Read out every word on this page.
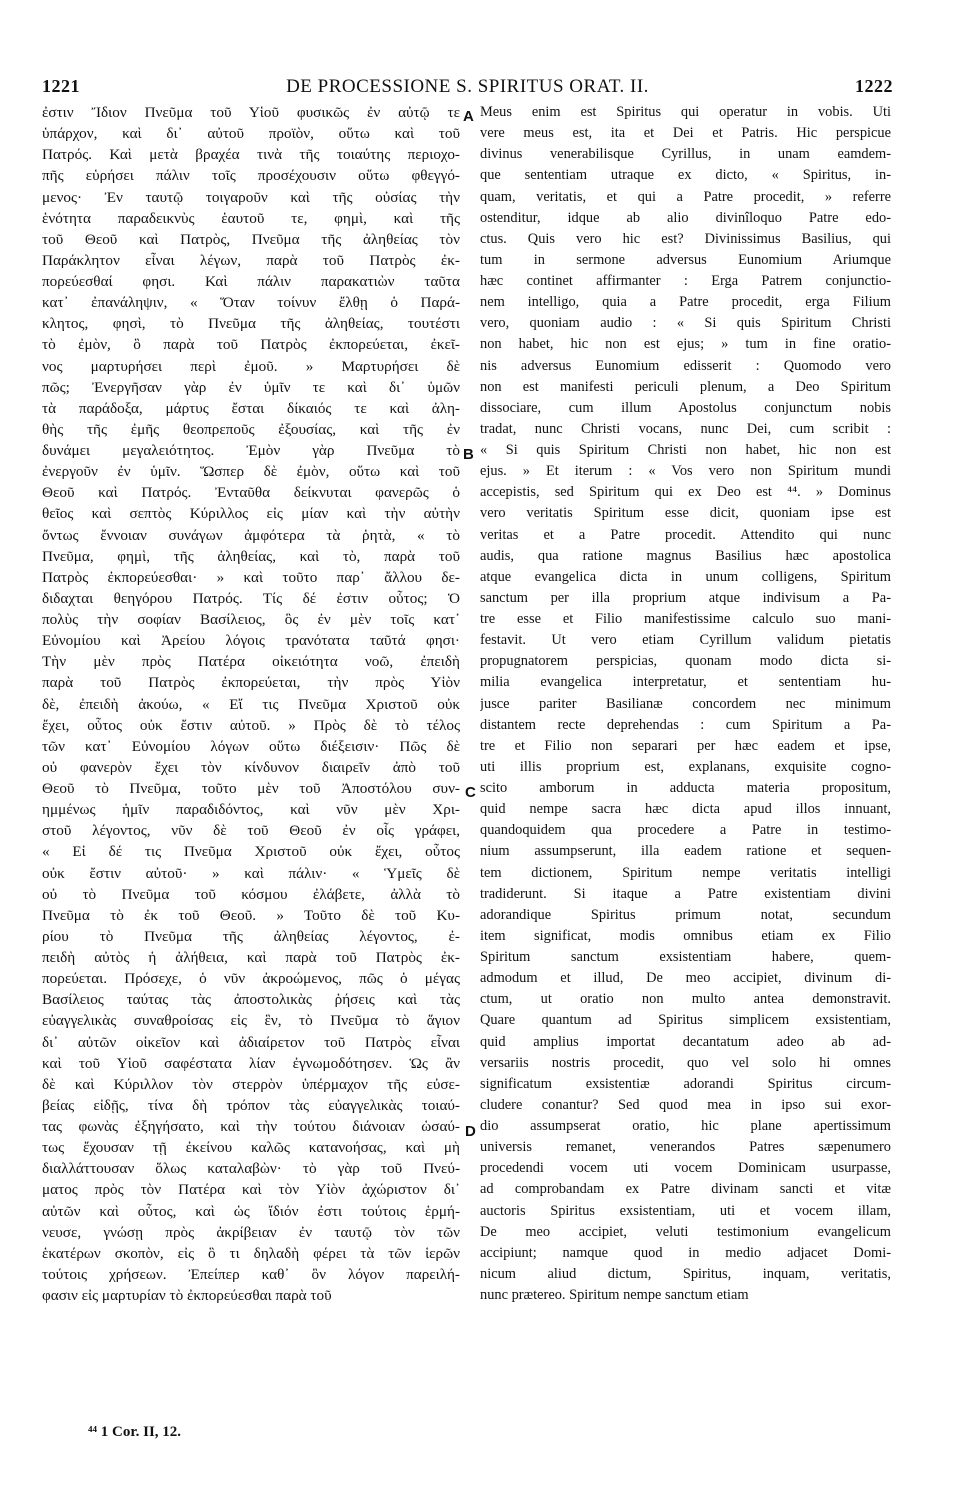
1221	DE PROCESSIONE S. SPIRITUS ORAT. II.	1222
ἐστιν Ἴδιον Πνεῦμα τοῦ Υἱοῦ φυσικῶς ἐν αὐτῷ τε
ὑπάρχον, καὶ δι᾽ αὐτοῦ προϊὸν, οὕτω καὶ τοῦ
Πατρός. Καὶ μετὰ βραχέα τινὰ τῆς τοιαύτης περιοχο-
πῆς εὑρήσει πάλιν τοῖς προσέχουσιν οὕτω φθεγγό-
μενος· Ἐν ταυτῷ τοιγαροῦν καὶ τῆς οὐσίας τὴν
ἑνότητα παραδεικνὺς ἑαυτοῦ τε, φημὶ, καὶ τῆς
τοῦ Θεοῦ καὶ Πατρὸς, Πνεῦμα τῆς ἀληθείας τὸν
Παράκλητον εἶναι λέγων, παρὰ τοῦ Πατρὸς ἐκ-
πορεύεσθαί φησι. Καὶ πάλιν παρακατιὼν ταῦτα
κατ᾽ ἐπανάληψιν, « Ὅταν τοίνυν ἔλθῃ ὁ Παρά-
κλητος, φησὶ, τὸ Πνεῦμα τῆς ἀληθείας, τουτέστι
τὸ ἐμὸν, ὃ παρὰ τοῦ Πατρὸς ἐκπορεύεται, ἐκεῖ-
νος μαρτυρήσει περὶ ἐμοῦ. » Μαρτυρήσει δὲ
πῶς; Ἐνεργῆσαν γὰρ ἐν ὑμῖν τε καὶ δι᾽ ὑμῶν
τὰ παράδοξα, μάρτυς ἔσται δίκαιός τε καὶ ἀλη-
θὴς τῆς ἐμῆς θεοπρεποῦς ἐξουσίας, καὶ τῆς ἐν
δυνάμει μεγαλειότητος. Ἐμὸν γὰρ Πνεῦμα τὸ
ἐνεργοῦν ἐν ὑμῖν. Ὥσπερ δὲ ἐμὸν, οὕτω καὶ τοῦ
Θεοῦ καὶ Πατρός. Ἐνταῦθα δείκνυται φανερῶς ὁ
θεῖος καὶ σεπτὸς Κύριλλος εἰς μίαν καὶ τὴν αὐτὴν
ὄντως ἔννοιαν συνάγων ἀμφότερα τὰ ῥητὰ, « τὸ
Πνεῦμα, φημὶ, τῆς ἀληθείας, καὶ τὸ, παρὰ τοῦ
Πατρὸς ἐκπορεύεσθαι· » καὶ τοῦτο παρ᾽ ἄλλου δε-
διδαχται θεηγόρου Πατρός. Τίς δέ ἐστιν οὗτος; Ὁ
πολὺς τὴν σοφίαν Βασίλειος, ὃς ἐν μὲν τοῖς κατ᾽
Εὐνομίου καὶ Ἀρείου λόγοις τρανότατα ταῦτά φησι·
Τὴν μὲν πρὸς Πατέρα οἰκειότητα νοῶ, ἐπειδὴ
παρὰ τοῦ Πατρὸς ἐκπορεύεται, τὴν πρὸς Υἱὸν
δὲ, ἐπειδὴ ἀκούω, « Εἴ τις Πνεῦμα Χριστοῦ οὐκ
ἔχει, οὗτος οὐκ ἔστιν αὐτοῦ. » Πρὸς δὲ τὸ τέλος
τῶν κατ᾽ Εὐνομίου λόγων οὕτω διέξεισιν· Πῶς δὲ
οὐ φανερὸν ἔχει τὸν κίνδυνον διαιρεῖν ἀπὸ τοῦ
Θεοῦ τὸ Πνεῦμα, τοῦτο μὲν τοῦ Ἀποστόλου συν-
ημμένως ἡμῖν παραδιδόντος, καὶ νῦν μὲν Χρι-
στοῦ λέγοντος, νῦν δὲ τοῦ Θεοῦ ἐν οἷς γράφει,
« Εἰ δέ τις Πνεῦμα Χριστοῦ οὐκ ἔχει, οὗτος
οὐκ ἔστιν αὐτοῦ· » καὶ πάλιν· « Ὑμεῖς δὲ
οὐ τὸ Πνεῦμα τοῦ κόσμου ἐλάβετε, ἀλλὰ τὸ
Πνεῦμα τὸ ἐκ τοῦ Θεοῦ. » Τοῦτο δὲ τοῦ Κυ-
ρίου τὸ Πνεῦμα τῆς ἀληθείας λέγοντος, ἐ-
πειδὴ αὐτὸς ἡ ἀλήθεια, καὶ παρὰ τοῦ Πατρὸς ἐκ-
πορεύεται. Πρόσεχε, ὁ νῦν ἀκροώμενος, πῶς ὁ μέγας
Βασίλειος ταύτας τὰς ἀποστολικὰς ῥήσεις καὶ τὰς
εὐαγγελικὰς συναθροίσας εἰς ἓν, τὸ Πνεῦμα τὸ ἅγιον
δι᾽ αὐτῶν οἰκεῖον καὶ ἀδιαίρετον τοῦ Πατρὸς εἶναι
καὶ τοῦ Υἱοῦ σαφέστατα λίαν ἐγνωμοδότησεν. Ὡς ἂν
δὲ καὶ Κύριλλον τὸν στερρὸν ὑπέρμαχον τῆς εὐσε-
βείας εἰδῇς, τίνα δὴ τρόπον τὰς εὐαγγελικὰς τοιαύ-
τας φωνὰς ἐξηγήσατο, καὶ τὴν τούτου διάνοιαν ὡσαύ-
τως ἔχουσαν τῇ ἐκείνου καλῶς κατανοήσας, καὶ μὴ
διαλλάττουσαν ὅλως καταλαβὼν· τὸ γὰρ τοῦ Πνεύ-
ματος πρὸς τὸν Πατέρα καὶ τὸν Υἱὸν ἀχώριστον δι᾽
αὐτῶν καὶ οὗτος, καὶ ὡς ἴδιόν ἐστι τούτοις ἑρμή-
νευσε, γνώσῃ πρὸς ἀκρίβειαν ἐν ταυτῷ τὸν τῶν
ἑκατέρων σκοπὸν, εἰς ὃ τι δηλαδὴ φέρει τὰ τῶν ἱερῶν
τούτοις χρήσεων. Ἐπείπερ καθ᾽ ὃν λόγον παρειλή-
φασιν εἰς μαρτυρίαν τὸ ἐκπορεύεσθαι παρὰ τοῦ
Meus enim est Spiritus qui operatur in vobis. Uti
vere meus est, ita et Dei et Patris. Hic perspicue
divinus venerabilisque Cyrillus, in unam eamdem-
que sententiam utraque ex dicto, « Spiritus, in-
quam, veritatis, et qui a Patre procedit, » referre
ostenditur, idque ab alio divinîloquo Patre edo-
ctus. Quis vero hic est? Divinissimus Basilius, qui
tum in sermone adversus Eunomium Ariumque
hæc continet affirmanter : Erga Patrem conjunctio-
nem intelligo, quia a Patre procedit, erga Filium
vero, quoniam audio : « Si quis Spiritum Christi
non habet, hic non est ejus; » tum in fine oratio-
nis adversus Eunomium edisserit : Quomodo vero
non est manifesti periculi plenum, a Deo Spiritum
dissociare, cum illum Apostolus conjunctum nobis
tradat, nunc Christi vocans, nunc Dei, cum scribit :
« Si quis Spiritum Christi non habet, hic non est
ejus. » Et iterum : « Vos vero non Spiritum mundi
accepistis, sed Spiritum qui ex Deo est ⁴⁴. » Dominus
vero veritatis Spiritum esse dicit, quoniam ipse est
veritas et a Patre procedit. Attendito qui nunc
audis, qua ratione magnus Basilius hæc apostolica
atque evangelica dicta in unum colligens, Spiritum
sanctum per illa proprium atque indivisum a Pa-
tre esse et Filio manifestissime calculo suo mani-
festavit. Ut vero etiam Cyrillum validum pietatis
propugnatorem perspicias, quonam modo dicta si-
milia evangelica interpretatur, et sententiam hu-
jusce pariter Basilianæ concordem nec minimum
distantem recte deprehendas : cum Spiritum a Pa-
tre et Filio non separari per hæc eadem et ipse,
uti illis proprium est, explanans, exquisite cogno-
scito amborum in adducta materia propositum,
quid nempe sacra hæc dicta apud illos innuant,
quandoquidem qua procedere a Patre in testimo-
nium assumpserunt, illa eadem ratione et sequen-
tem dictionem, Spiritum nempe veritatis intelligi
tradiderunt. Si itaque a Patre existentiam divini
adorandique Spiritus primum notat, secundum
item significat, modis omnibus etiam ex Filio
Spiritum sanctum exsistentiam habere, quem-
admodum et illud, De meo accipiet, divinum di-
ctum, ut oratio non multo antea demonstravit.
Quare quantum ad Spiritus simplicem exsistentiam,
quid amplius importat decantatum adeo ab ad-
versariis nostris procedit, quo vel solo hi omnes
significatum exsistentiæ adorandi Spiritus circum-
cludere conantur? Sed quod mea in ipso sui exor-
dio assumpserat oratio, hic plane apertissimum
universis remanet, venerandos Patres sæpenumero
procedendi vocem uti vocem Dominicam usurpasse,
ad comprobandam ex Patre divinam sancti et vitæ
auctoris Spiritus exsistentiam, uti et vocem illam,
De meo accipiet, veluti testimonium evangelicum
accipiunt; namque quod in medio adjacet Domi-
nicum aliud dictum, Spiritus, inquam, veritatis,
nunc prætereo. Spiritum nempe sanctum etiam
A
B
C
D
⁴⁴ 1 Cor. II, 12.
